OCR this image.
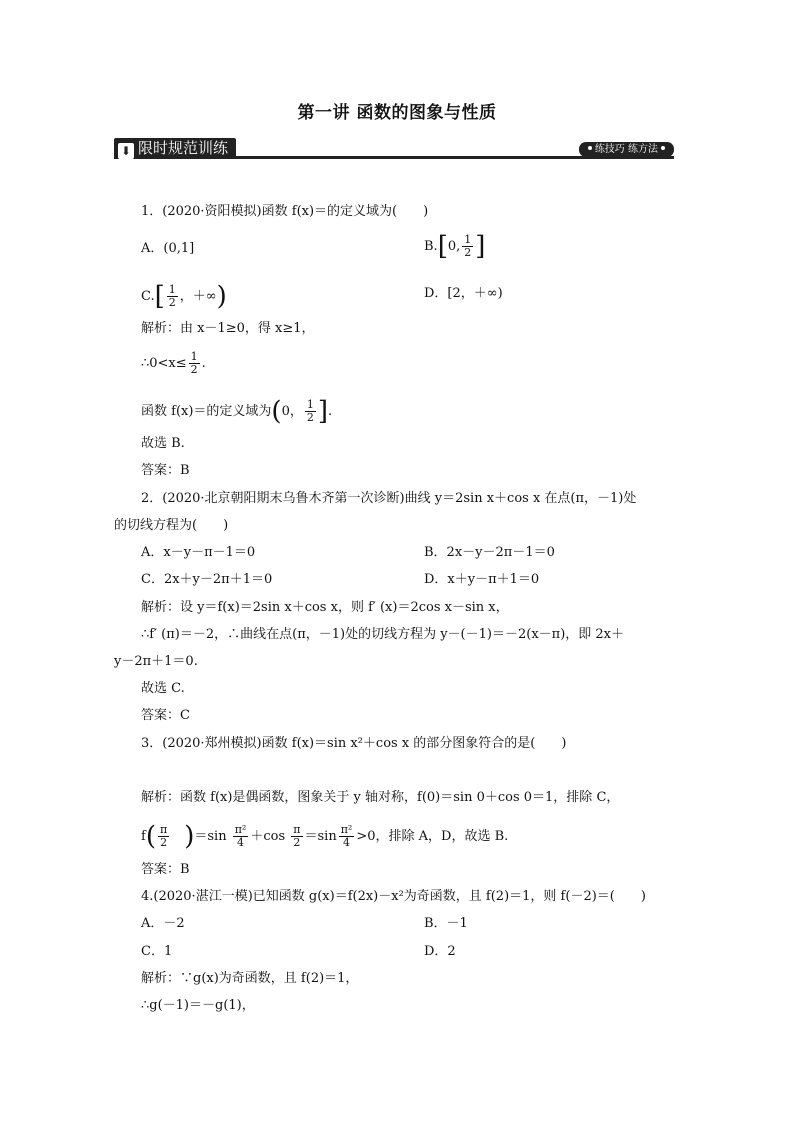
第一讲 函数的图象与性质
⬇ 限时规范训练	练技巧 练方法
1．(2020·资阳模拟)函数 f(x)＝的定义域为(　　)
A．(0,1]	B.[0, $\frac{1}{2}$ ]
$C.[ \frac{1}{2}$ ，＋∞)	D．[2，＋∞)
解析：由 x－1≥0，得 x≥1，
∴0<x≤ $\frac{1}{2}$ .
函数 f(x)＝的定义域为(0， $\frac{1}{2}$ ].
故选 B.
答案：B
2．(2020·北京朝阳期末乌鲁木齐第一次诊断)曲线 y＝2sin x＋cos x 在点(π，－1)处
的切线方程为(　　)
A．x－y－π－1＝0	B．2x－y－2π－1＝0
C．2x＋y－2π＋1＝0	D．x＋y－π＋1＝0
解析：设 y＝f(x)＝2sin x＋cos x，则 f′ (x)＝2cos x－sin x，
∴f′ (π)＝－2，∴曲线在点(π，－1)处的切线方程为 y－(－1)＝－2(x－π)，即 2x＋
y－2π＋1＝0.
故选 C.
答案：C
3．(2020·郑州模拟)函数 f(x)＝sin x²＋cos x 的部分图象符合的是(　　)
解析：函数 f(x)是偶函数，图象关于 y 轴对称，f(0)＝sin 0＋cos 0＝1，排除 C，
$f( \frac{\pi}{2}$
  )$=\sin \frac{\text{π²}}{4} +\cos \frac{\pi}{2} =\sin \frac{\text{π²}}{4} >0$，排除 A，D，故选 B.
答案：B
4.(2020·湛江一模)已知函数 g(x)＝f(2x)－x²为奇函数，且 f(2)＝1，则 f(－2)＝(　　)
A．－2	B．－1
C．1	D．2
解析：∵g(x)为奇函数，且 f(2)＝1，
∴g(－1)＝－g(1)，
